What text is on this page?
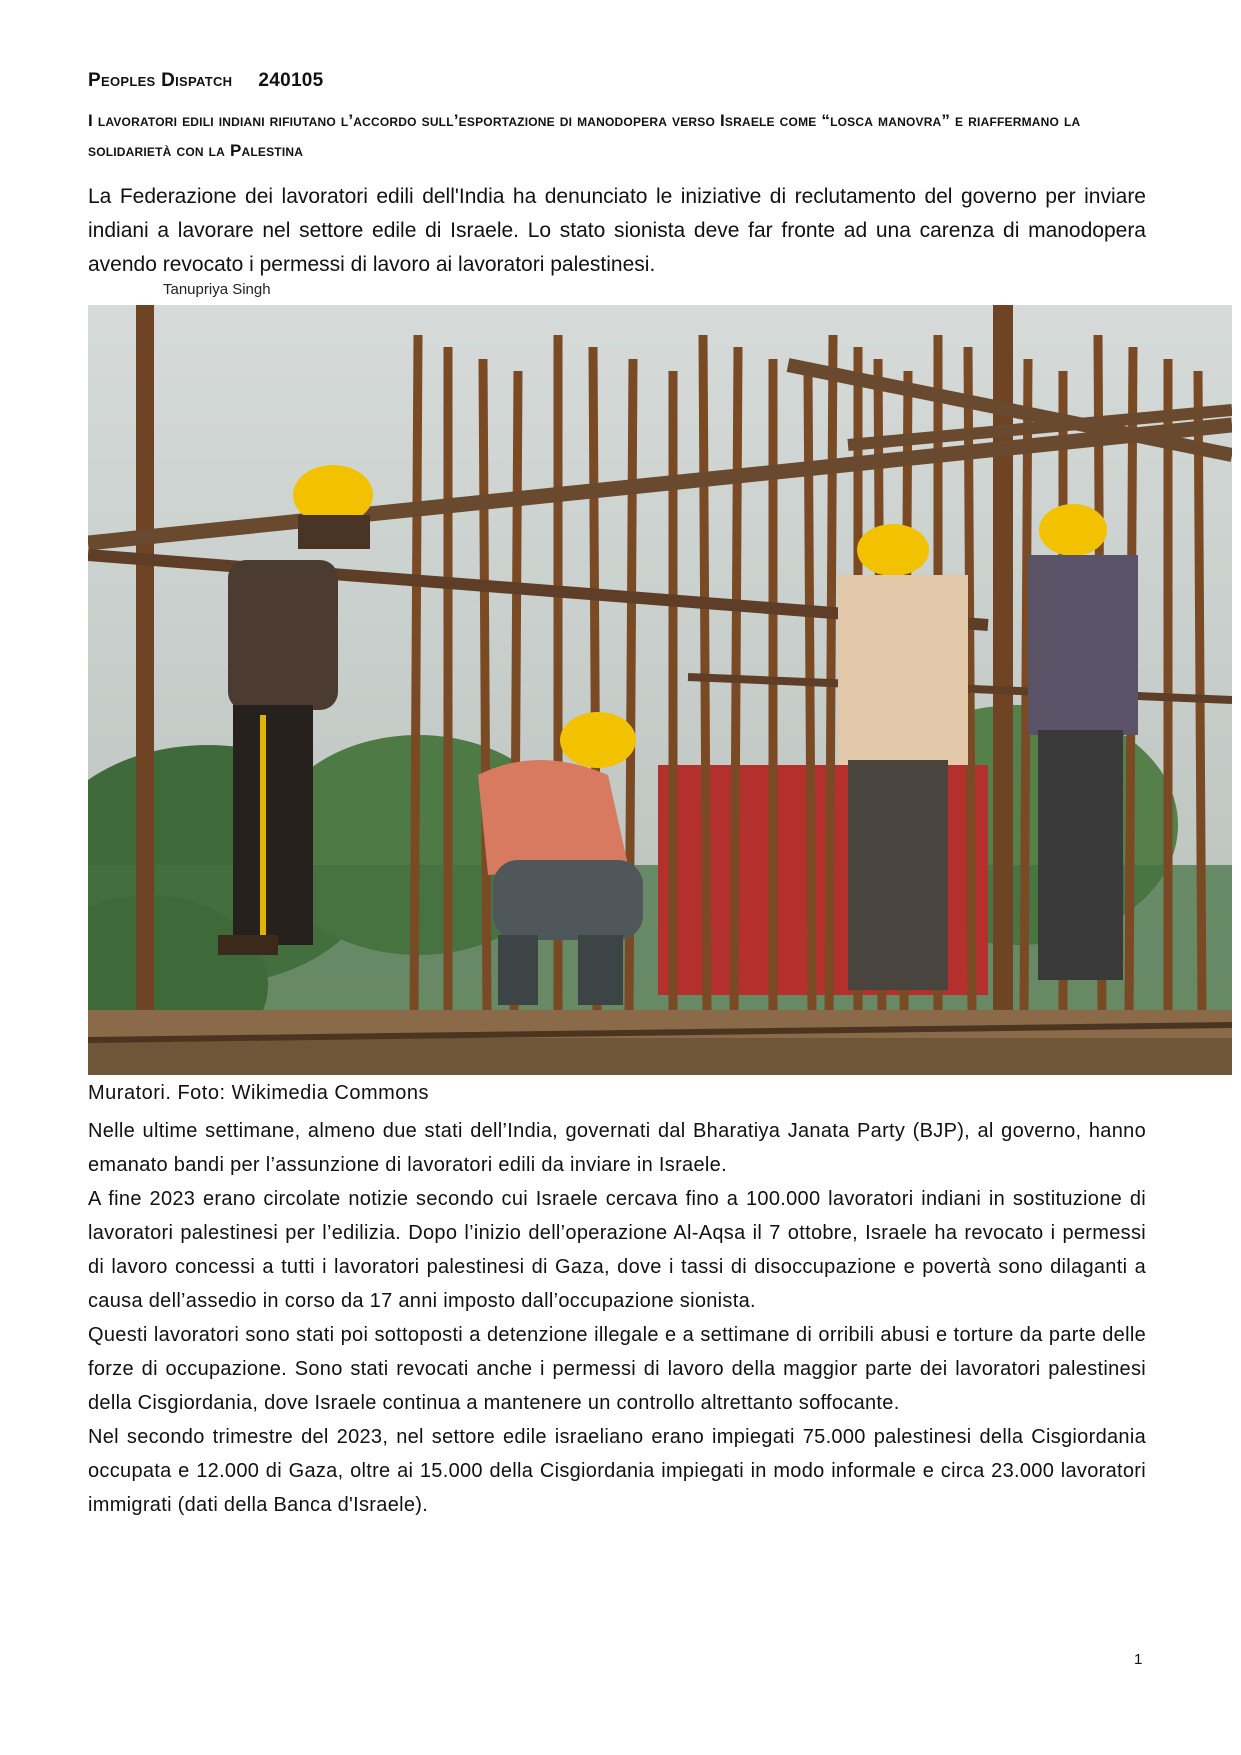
Peoples Dispatch 240105
I lavoratori edili indiani rifiutano l’accordo sull’esportazione di manodopera verso Israele come “losca manovra” e riaffermano la solidarietà con la Palestina
La Federazione dei lavoratori edili dell'India ha denunciato le iniziative di reclutamento del governo per inviare indiani a lavorare nel settore edile di Israele. Lo stato sionista deve far fronte ad una carenza di manodopera avendo revocato i permessi di lavoro ai lavoratori palestinesi.
Tanupriya Singh
Muratori. Foto: Wikimedia Commons

Nelle ultime settimane, almeno due stati dell’India, governati dal Bharatiya Janata Party (BJP), al governo, hanno emanato bandi per l’assunzione di lavoratori edili da inviare in Israele.

A fine 2023 erano circolate notizie secondo cui Israele cercava fino a 100.000 lavoratori indiani in sostituzione di lavoratori palestinesi per l’edilizia. Dopo l’inizio dell’operazione Al-Aqsa il 7 ottobre, Israele ha revocato i permessi di lavoro concessi a tutti i lavoratori palestinesi di Gaza, dove i tassi di disoccupazione e povertà sono dilaganti a causa dell’assedio in corso da 17 anni imposto dall’occupazione sionista.

Questi lavoratori sono stati poi sottoposti a detenzione illegale e a settimane di orribili abusi e torture da parte delle forze di occupazione. Sono stati revocati anche i permessi di lavoro della maggior parte dei lavoratori palestinesi della Cisgiordania, dove Israele continua a mantenere un controllo altrettanto soffocante.

Nel secondo trimestre del 2023, nel settore edile israeliano erano impiegati 75.000 palestinesi della Cisgiordania occupata e 12.000 di Gaza, oltre ai 15.000 della Cisgiordania impiegati in modo informale e circa 23.000 lavoratori immigrati (dati della Banca d'Israele).

1
